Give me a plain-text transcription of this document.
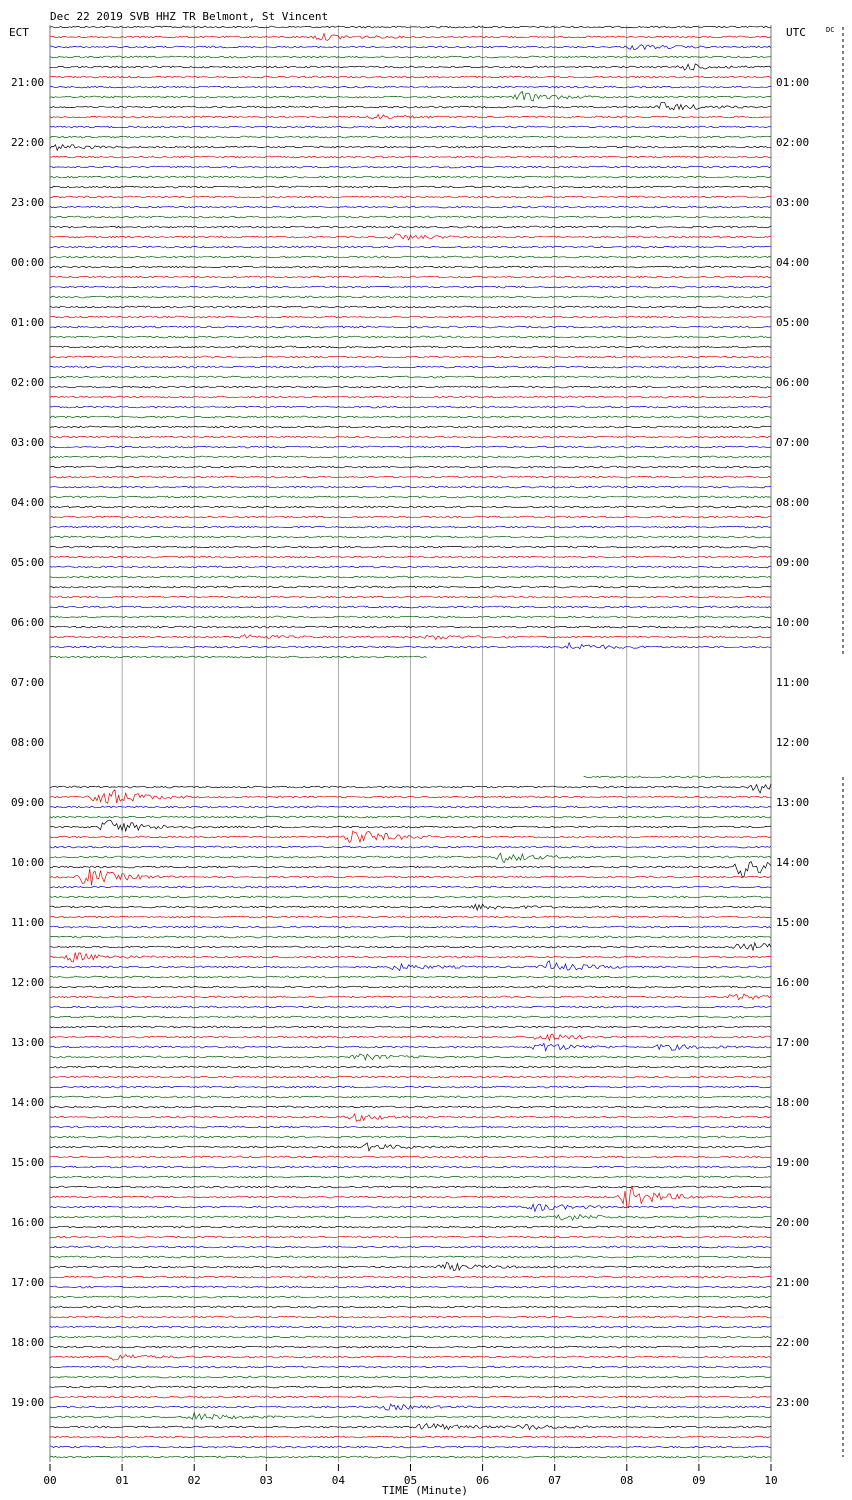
Dec 22 2019 SVB HHZ TR Belmont, St Vincent
ECT	UTC	DC
21:00
22:00
23:00
00:00
01:00
02:00
03:00
04:00
05:00
06:00
07:00
08:00
09:00
10:00
11:00
12:00
13:00
14:00
15:00
16:00
17:00
18:00
19:00
01:00
02:00
03:00
04:00
05:00
06:00
07:00
08:00
09:00
10:00
11:00
12:00
13:00
14:00
15:00
16:00
17:00
18:00
19:00
20:00
21:00
22:00
23:00
00	01	02	03	04	05	06	07	08	09	10
TIME (Minute)
